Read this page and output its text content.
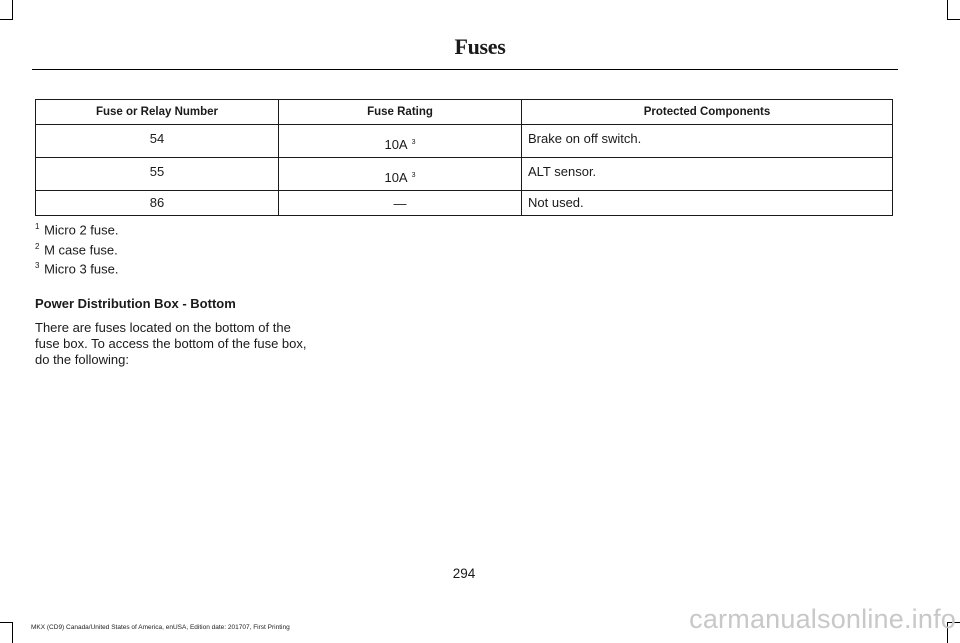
Fuses
Fuse or Relay Number	Fuse Rating	Protected Components
54	10A $^3$	Brake on off switch.
55	10A $^3$	ALT sensor.
86	—	Not used.
$^1$ Micro 2 fuse.
$^2$ M case fuse.
$^3$ Micro 3 fuse.
Power Distribution Box - Bottom
There are fuses located on the bottom of the fuse box. To access the bottom of the fuse box, do the following:
294
MKX (CD9) Canada/United States of America, enUSA, Edition date: 201707, First Printing	carmanualsonline.info
